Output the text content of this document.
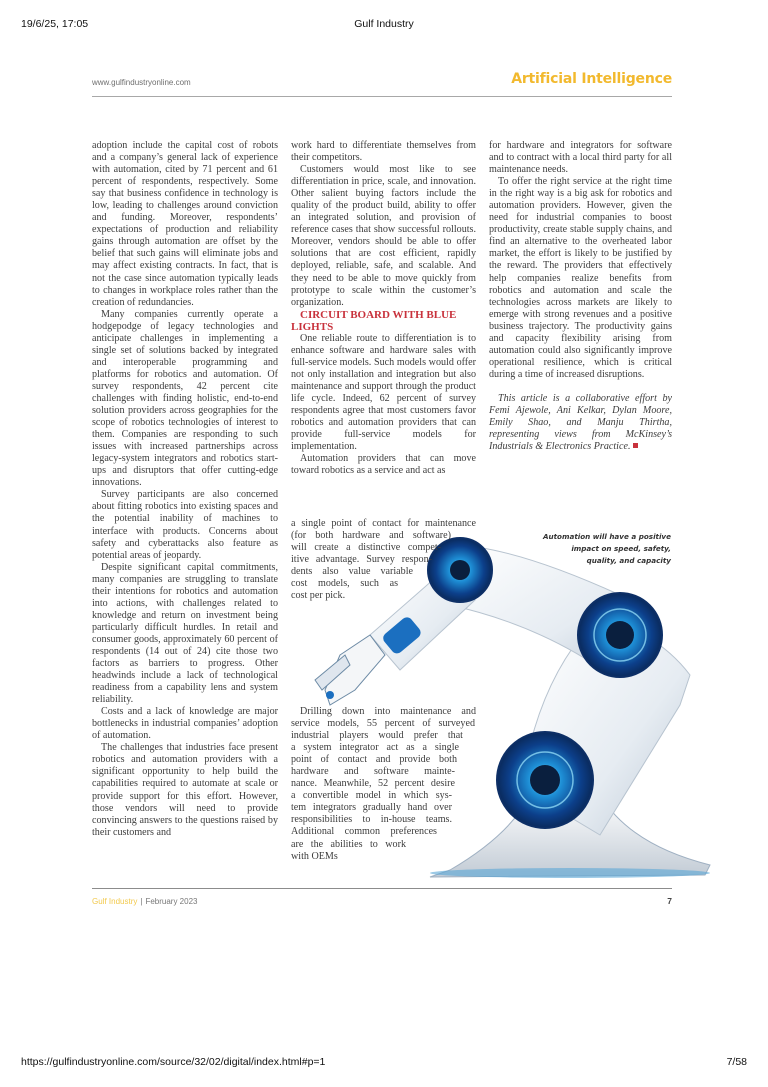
19/6/25, 17:05	Gulf Industry
www.gulfindustryonline.com	Artificial Intelligence

adoption include the capital cost of robots and a company’s general lack of experience with automation, cited by 71 percent and 61 percent of respondents, respectively. Some say that business confidence in technology is low, leading to challenges around conviction and funding. Moreover, respondents’ expectations of production and reliability gains through automation are offset by the belief that such gains will eliminate jobs and may affect existing contracts. In fact, that is not the case since automation typically leads to changes in workplace roles rather than the creation of redundancies.

Many companies currently operate a hodgepodge of legacy technologies and anticipate challenges in implementing a single set of solutions backed by integrated and interoperable programming and platforms for robotics and automation. Of survey respondents, 42 percent cite challenges with finding holistic, end-to-end solution providers across geographies for the scope of robotics technologies of interest to them. Companies are responding to such issues with increased partnerships across legacy-system integrators and robotics start-ups and disruptors that offer cutting-edge innovations.

Survey participants are also concerned about fitting robotics into existing spaces and the potential inability of machines to interface with products. Concerns about safety and cyberattacks also feature as potential areas of jeopardy.

Despite significant capital commitments, many companies are struggling to translate their intentions for robotics and automation into actions, with challenges related to knowledge and return on investment being particularly difficult hurdles. In retail and consumer goods, approximately 60 percent of respondents (14 out of 24) cite those two factors as barriers to progress. Other headwinds include a lack of technological readiness from a capability lens and system reliability.

Costs and a lack of knowledge are major bottlenecks in industrial companies’ adoption of automation.

The challenges that industries face present robotics and automation providers with a significant opportunity to help build the capabilities required to automate at scale or provide support for this effort. However, those vendors will need to provide convincing answers to the questions raised by their customers and

work hard to differentiate themselves from their competitors.

Customers would most like to see differentiation in price, scale, and innovation. Other salient buying factors include the quality of the product build, ability to offer an integrated solution, and provision of reference cases that show successful rollouts. Moreover, vendors should be able to offer solutions that are cost efficient, rapidly deployed, reliable, safe, and scalable. And they need to be able to move quickly from prototype to scale within the customer’s organization.

CIRCUIT BOARD WITH BLUE LIGHTS

One reliable route to differentiation is to enhance software and hardware sales with full-service models. Such models would offer not only installation and integration but also maintenance and support through the product life cycle. Indeed, 62 percent of survey respondents agree that most customers favor robotics and automation providers that can provide full-service models for implementation.

Automation providers that can move toward robotics as a service and act as

a single point of contact for maintenance
(for both hardware and software)
will create a distinctive compet-
itive advantage. Survey respon-
dents also value variable
cost models, such as
cost per pick.
Drilling down into maintenance and
service models, 55 percent of surveyed
industrial players would prefer that
a system integrator act as a single
point of contact and provide both
hardware and software mainte-
nance. Meanwhile, 52 percent desire
a convertible model in which sys-
tem integrators gradually hand over
responsibilities to in-house teams.
Additional common preferences
are the abilities to work
with OEMs

for hardware and integrators for software and to contract with a local third party for all maintenance needs.

To offer the right service at the right time in the right way is a big ask for robotics and automation providers. However, given the need for industrial companies to boost productivity, create stable supply chains, and find an alternative to the overheated labor market, the effort is likely to be justified by the reward. The providers that effectively help companies realize benefits from robotics and automation and scale the technologies across markets are likely to emerge with strong revenues and a positive business trajectory. The productivity gains and capacity flexibility arising from automation could also significantly improve operational resilience, which is critical during a time of increased disruptions.

This article is a collaborative effort by Femi Ajewole, Ani Kelkar, Dylan Moore, Emily Shao, and Manju Thirtha, representing views from McKinsey’s Industrials & Electronics Practice.

Automation will have a positive impact on speed, safety, quality, and capacity
Gulf Industry | February 2023	7
https://gulfindustryonline.com/source/32/02/digital/index.html#p=1	7/58
